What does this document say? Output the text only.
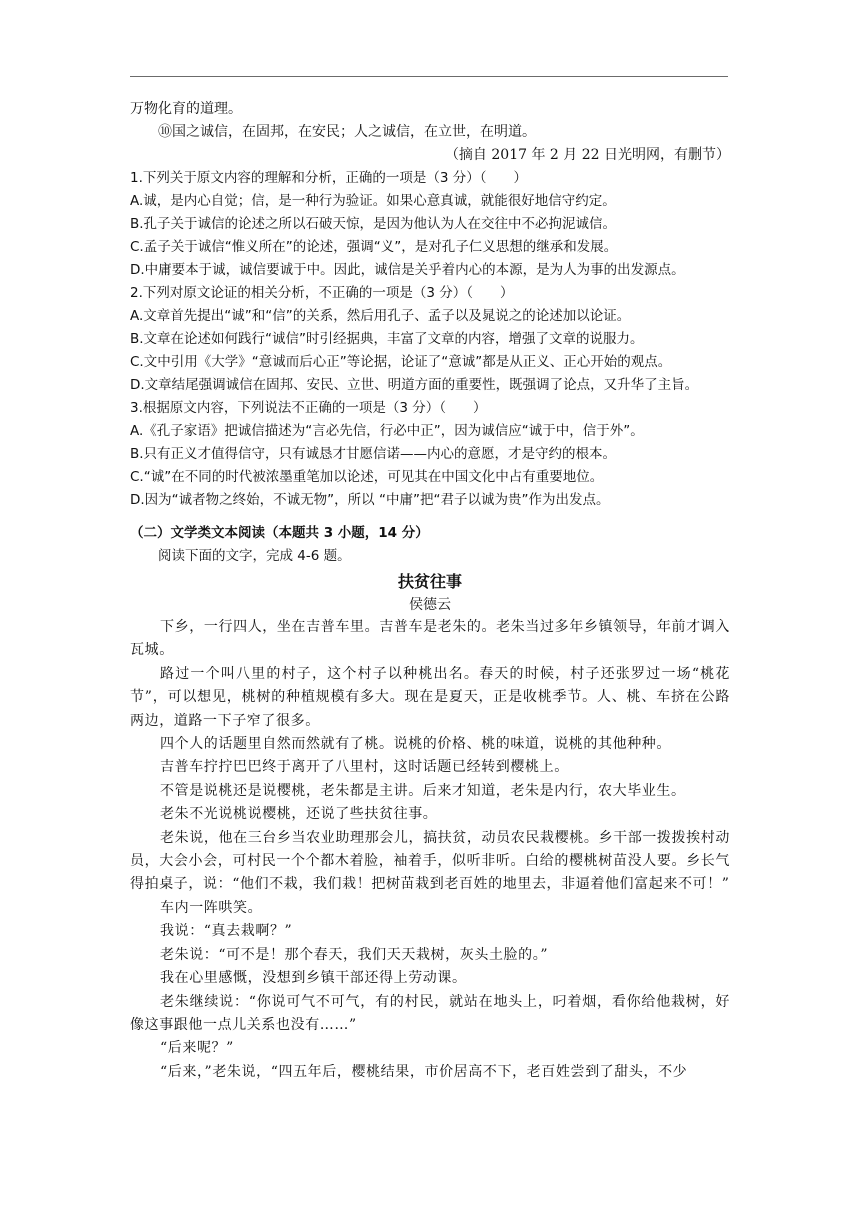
万物化育的道理。

⑩国之诚信，在固邦，在安民；人之诚信，在立世，在明道。

（摘自 2017 年 2 月 22 日光明网，有删节）

1.下列关于原文内容的理解和分析，正确的一项是（3 分）（　　）

A.诚，是内心自觉；信，是一种行为验证。如果心意真诚，就能很好地信守约定。

B.孔子关于诚信的论述之所以石破天惊，是因为他认为人在交往中不必拘泥诚信。

C.孟子关于诚信“惟义所在”的论述，强调“义”，是对孔子仁义思想的继承和发展。

D.中庸要本于诚，诚信要诚于中。因此，诚信是关乎着内心的本源，是为人为事的出发源点。

2.下列对原文论证的相关分析，不正确的一项是（3 分）（　　）

A.文章首先提出“诚”和“信”的关系，然后用孔子、孟子以及晁说之的论述加以论证。

B.文章在论述如何践行“诚信”时引经据典，丰富了文章的内容，增强了文章的说服力。

C.文中引用《大学》“意诚而后心正”等论据，论证了“意诚”都是从正义、正心开始的观点。

D.文章结尾强调诚信在固邦、安民、立世、明道方面的重要性，既强调了论点，又升华了主旨。

3.根据原文内容，下列说法不正确的一项是（3 分）（　　）

A.《孔子家语》把诚信描述为“言必先信，行必中正”，因为诚信应“诚于中，信于外”。

B.只有正义才值得信守，只有诚恳才甘愿信诺——内心的意愿，才是守约的根本。

C.“诚”在不同的时代被浓墨重笔加以论述，可见其在中国文化中占有重要地位。

D.因为“诚者物之终始，不诚无物”，所以 “中庸”把“君子以诚为贵”作为出发点。

（二）文学类文本阅读（本题共 3 小题，14 分）

阅读下面的文字，完成 4-6 题。

扶贫往事

侯德云

下乡，一行四人，坐在吉普车里。吉普车是老朱的。老朱当过多年乡镇领导，年前才调入瓦城。

路过一个叫八里的村子，这个村子以种桃出名。春天的时候，村子还张罗过一场“桃花节”，可以想见，桃树的种植规模有多大。现在是夏天，正是收桃季节。人、桃、车挤在公路两边，道路一下子窄了很多。

四个人的话题里自然而然就有了桃。说桃的价格、桃的味道，说桃的其他种种。

吉普车拧拧巴巴终于离开了八里村，这时话题已经转到樱桃上。

不管是说桃还是说樱桃，老朱都是主讲。后来才知道，老朱是内行，农大毕业生。

老朱不光说桃说樱桃，还说了些扶贫往事。

老朱说，他在三台乡当农业助理那会儿，搞扶贫，动员农民栽樱桃。乡干部一拨拨挨村动员，大会小会，可村民一个个都木着脸，袖着手，似听非听。白给的樱桃树苗没人要。乡长气得拍桌子，说：“他们不栽，我们栽！把树苗栽到老百姓的地里去，非逼着他们富起来不可！”

车内一阵哄笑。

我说：“真去栽啊？”

老朱说：“可不是！那个春天，我们天天栽树，灰头土脸的。”

我在心里感慨，没想到乡镇干部还得上劳动课。

老朱继续说：“你说可气不可气，有的村民，就站在地头上，叼着烟，看你给他栽树，好像这事跟他一点儿关系也没有……”

“后来呢？”

“后来，”老朱说，“四五年后，樱桃结果，市价居高不下，老百姓尝到了甜头，不少
